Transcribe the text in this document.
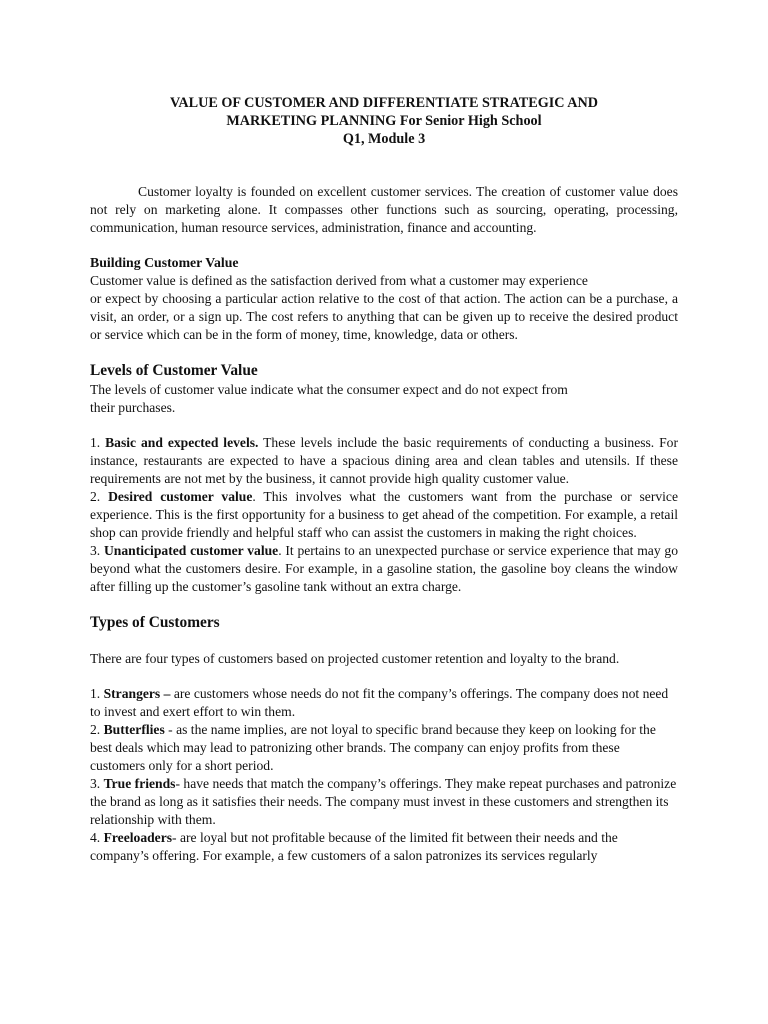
VALUE OF CUSTOMER AND DIFFERENTIATE STRATEGIC AND
MARKETING PLANNING For Senior High School
Q1, Module 3

Customer loyalty is founded on excellent customer services. The creation of customer value does not rely on marketing alone. It compasses other functions such as sourcing, operating, processing, communication, human resource services, administration, finance and accounting.

Building Customer Value

Customer value is defined as the satisfaction derived from what a customer may experience

or expect by choosing a particular action relative to the cost of that action. The action can be a purchase, a visit, an order, or a sign up. The cost refers to anything that can be given up to receive the desired product or service which can be in the form of money, time, knowledge, data or others.

Levels of Customer Value

The levels of customer value indicate what the consumer expect and do not expect from

their purchases.

1. Basic and expected levels. These levels include the basic requirements of conducting a business. For instance, restaurants are expected to have a spacious dining area and clean tables and utensils. If these requirements are not met by the business, it cannot provide high quality customer value.

2. Desired customer value. This involves what the customers want from the purchase or service experience. This is the first opportunity for a business to get ahead of the competition. For example, a retail shop can provide friendly and helpful staff who can assist the customers in making the right choices.

3. Unanticipated customer value. It pertains to an unexpected purchase or service experience that may go beyond what the customers desire. For example, in a gasoline station, the gasoline boy cleans the window after filling up the customer’s gasoline tank without an extra charge.

Types of Customers

There are four types of customers based on projected customer retention and loyalty to the brand.

1. Strangers – are customers whose needs do not fit the company’s offerings. The company does not need to invest and exert effort to win them.

2. Butterflies - as the name implies, are not loyal to specific brand because they keep on looking for the best deals which may lead to patronizing other brands. The company can enjoy profits from these customers only for a short period.

3. True friends- have needs that match the company’s offerings. They make repeat purchases and patronize the brand as long as it satisfies their needs. The company must invest in these customers and strengthen its relationship with them.

4. Freeloaders- are loyal but not profitable because of the limited fit between their needs and the company’s offering. For example, a few customers of a salon patronizes its services regularly
